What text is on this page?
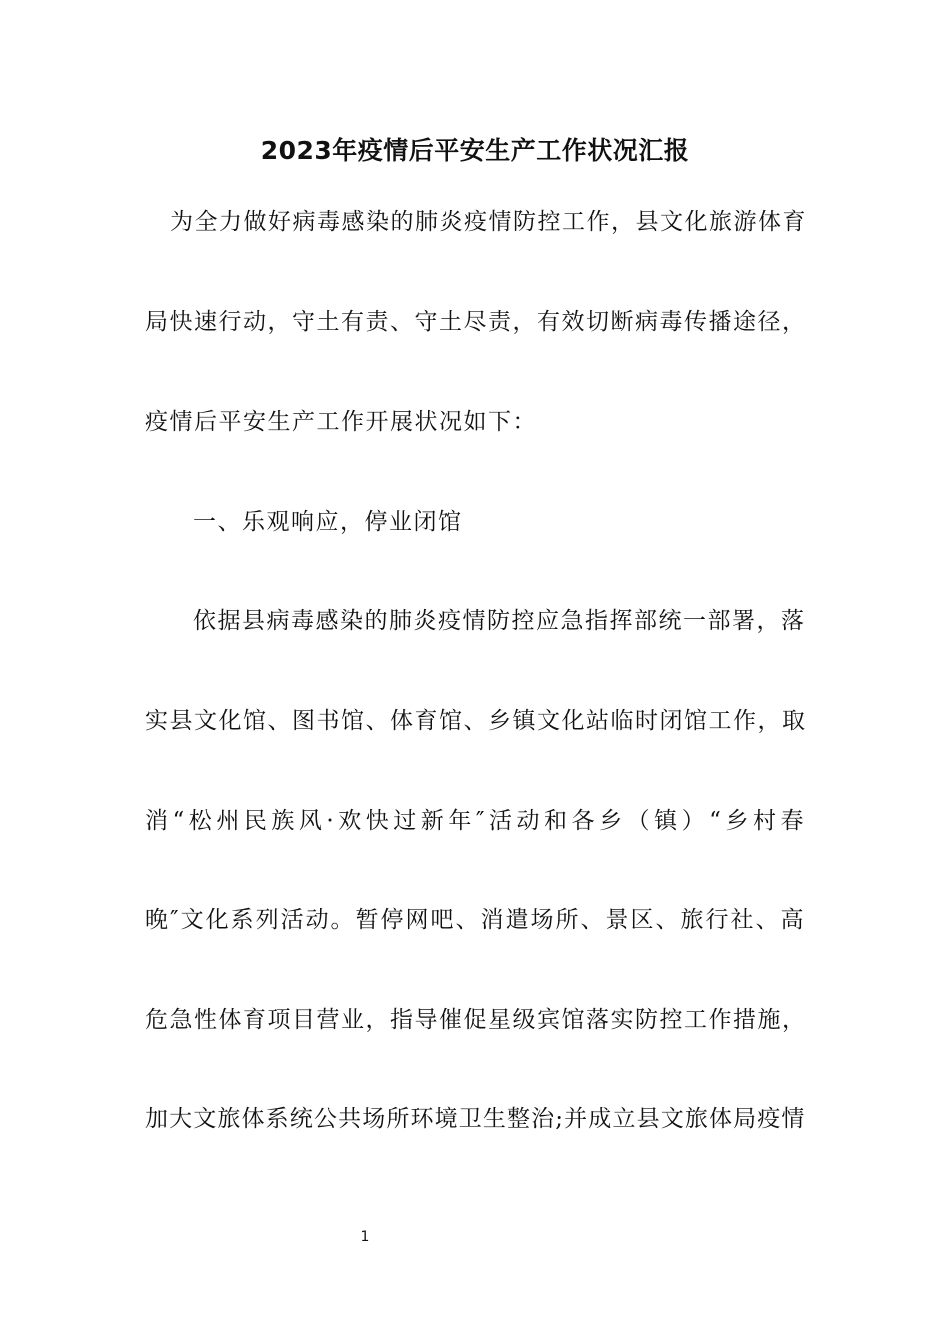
2023年疫情后平安生产工作状况汇报

为全力做好病毒感染的肺炎疫情防控工作，县文化旅游体育

局快速行动，守土有责、守土尽责，有效切断病毒传播途径，

疫情后平安生产工作开展状况如下：

一、乐观响应，停业闭馆

依据县病毒感染的肺炎疫情防控应急指挥部统一部署，落

实县文化馆、图书馆、体育馆、乡镇文化站临时闭馆工作，取

消“松州民族风·欢快过新年″活动和各乡（镇）“乡村春

晚″文化系列活动。暂停网吧、消遣场所、景区、旅行社、高

危急性体育项目营业，指导催促星级宾馆落实防控工作措施，

加大文旅体系统公共场所环境卫生整治;并成立县文旅体局疫情

1
